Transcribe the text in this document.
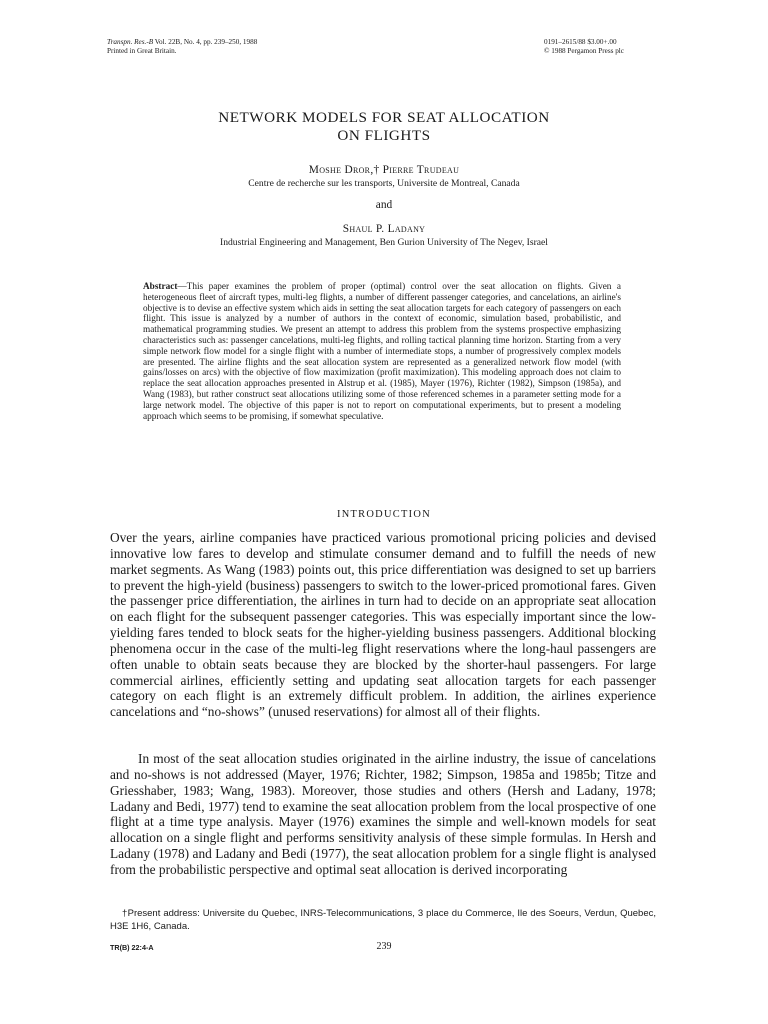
Transpn. Res.-B Vol. 22B, No. 4, pp. 239–250, 1988
Printed in Great Britain.
0191–2615/88 $3.00+.00
© 1988 Pergamon Press plc
NETWORK MODELS FOR SEAT ALLOCATION
ON FLIGHTS
Moshe Dror,† Pierre Trudeau
Centre de recherche sur les transports, Universite de Montreal, Canada
and
Shaul P. Ladany
Industrial Engineering and Management, Ben Gurion University of The Negev, Israel

Abstract—This paper examines the problem of proper (optimal) control over the seat allocation on flights. Given a heterogeneous fleet of aircraft types, multi-leg flights, a number of different passenger categories, and cancelations, an airline's objective is to devise an effective system which aids in setting the seat allocation targets for each category of passengers on each flight. This issue is analyzed by a number of authors in the context of economic, simulation based, probabilistic, and mathematical programming studies. We present an attempt to address this problem from the systems prospective emphasizing characteristics such as: passenger cancelations, multi-leg flights, and rolling tactical planning time horizon. Starting from a very simple network flow model for a single flight with a number of intermediate stops, a number of progressively complex models are presented. The airline flights and the seat allocation system are represented as a generalized network flow model (with gains/losses on arcs) with the objective of flow maximization (profit maximization). This modeling approach does not claim to replace the seat allocation approaches presented in Alstrup et al. (1985), Mayer (1976), Richter (1982), Simpson (1985a), and Wang (1983), but rather construct seat allocations utilizing some of those referenced schemes in a parameter setting mode for a large network model. The objective of this paper is not to report on computational experiments, but to present a modeling approach which seems to be promising, if somewhat speculative.

INTRODUCTION

Over the years, airline companies have practiced various promotional pricing policies and devised innovative low fares to develop and stimulate consumer demand and to fulfill the needs of new market segments. As Wang (1983) points out, this price differentiation was designed to set up barriers to prevent the high-yield (business) passengers to switch to the lower-priced promotional fares. Given the passenger price differentiation, the airlines in turn had to decide on an appropriate seat allocation on each flight for the subsequent passenger categories. This was especially important since the low-yielding fares tended to block seats for the higher-yielding business passengers. Additional blocking phenomena occur in the case of the multi-leg flight reservations where the long-haul passengers are often unable to obtain seats because they are blocked by the shorter-haul passengers. For large commercial airlines, efficiently setting and updating seat allocation targets for each passenger category on each flight is an extremely difficult problem. In addition, the airlines experience cancelations and “no-shows” (unused reservations) for almost all of their flights.

In most of the seat allocation studies originated in the airline industry, the issue of cancelations and no-shows is not addressed (Mayer, 1976; Richter, 1982; Simpson, 1985a and 1985b; Titze and Griesshaber, 1983; Wang, 1983). Moreover, those studies and others (Hersh and Ladany, 1978; Ladany and Bedi, 1977) tend to examine the seat allocation problem from the local prospective of one flight at a time type analysis. Mayer (1976) examines the simple and well-known models for seat allocation on a single flight and performs sensitivity analysis of these simple formulas. In Hersh and Ladany (1978) and Ladany and Bedi (1977), the seat allocation problem for a single flight is analysed from the probabilistic perspective and optimal seat allocation is derived incorporating

†Present address: Universite du Quebec, INRS-Telecommunications, 3 place du Commerce, Ile des Soeurs, Verdun, Quebec, H3E 1H6, Canada.

TR(B) 22:4-A	239
